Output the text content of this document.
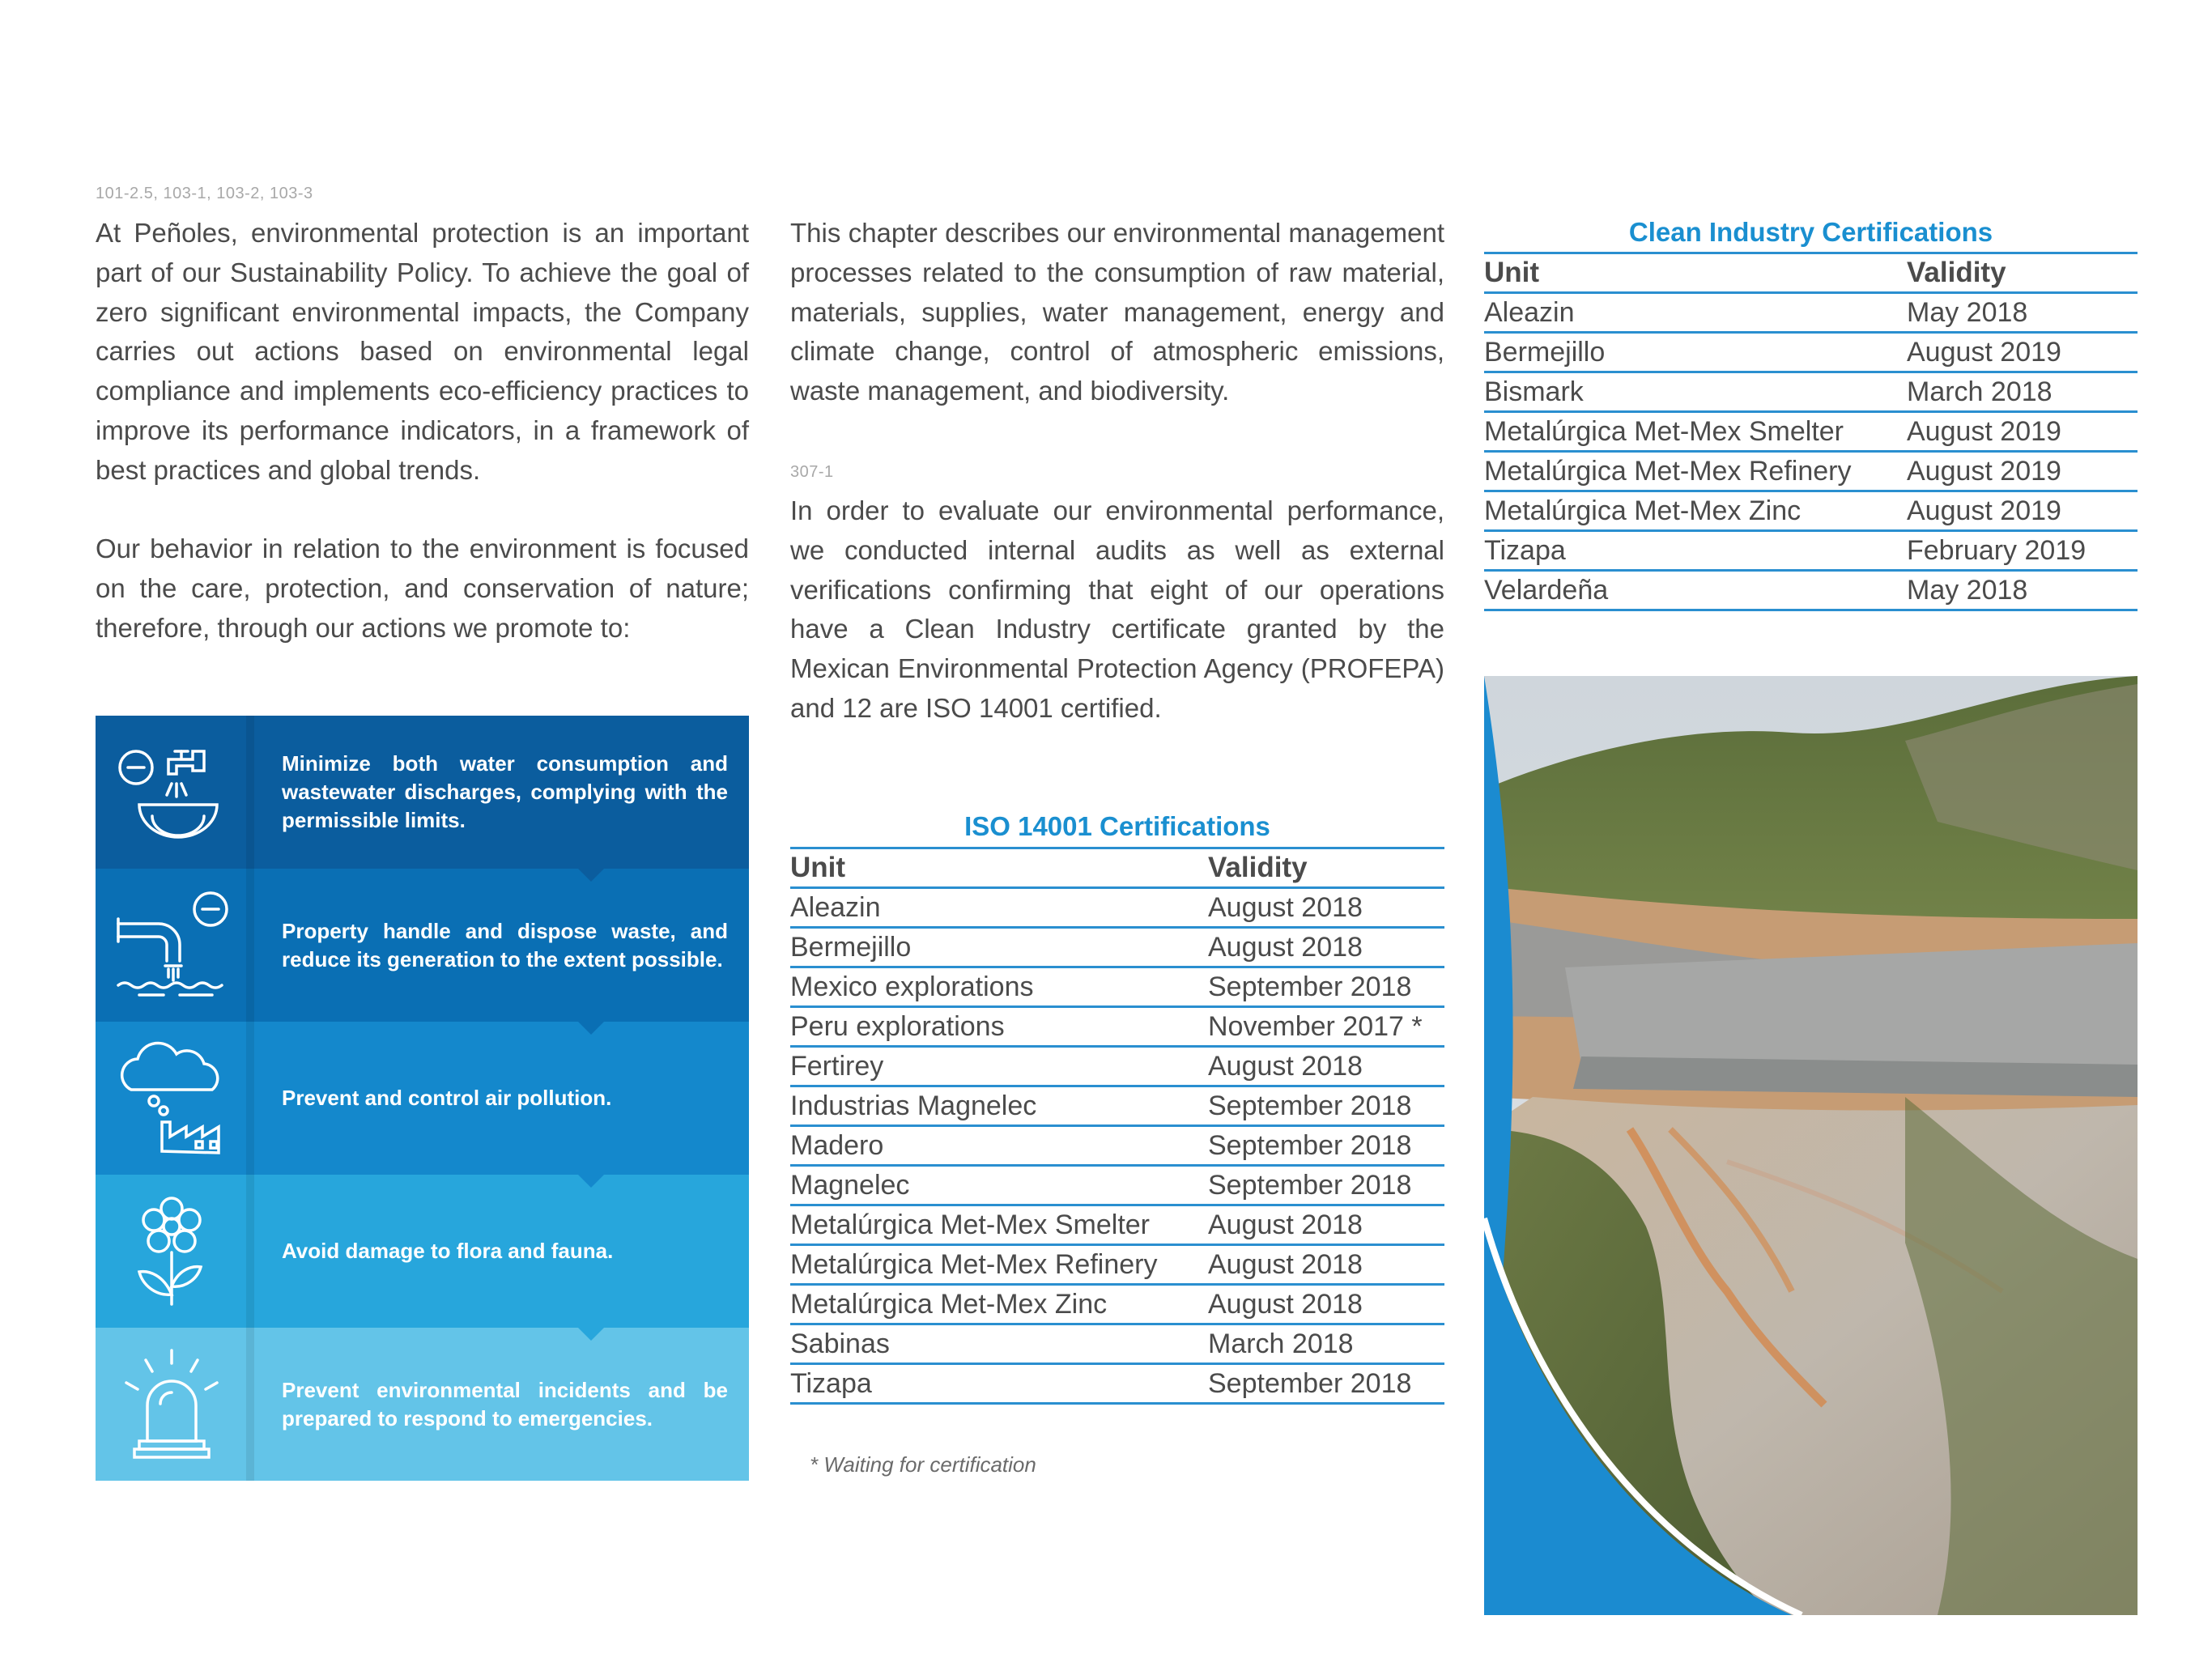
101-2.5, 103-1, 103-2, 103-3

At Peñoles, environmental protection is an important part of our Sustainability Policy. To achieve the goal of zero significant environmental impacts, the Company carries out actions based on environmental legal compliance and implements eco-efficiency practices to improve its performance indicators, in a framework of best practices and global trends.

Our behavior in relation to the environment is focused on the care, protection, and conservation of nature; therefore, through our actions we promote to:

Minimize both water consumption and wastewater discharges, complying with the permissible limits.
Property handle and dispose waste, and reduce its generation to the extent possible.
Prevent and control air pollution.
Avoid damage to flora and fauna.
Prevent environmental incidents and be prepared to respond to emergencies.

This chapter describes our environmental management processes related to the consumption of raw material, materials, supplies, water management, energy and climate change, control of atmospheric emissions, waste management, and biodiversity.

307-1

In order to evaluate our environmental performance, we conducted internal audits as well as external verifications confirming that eight of our operations have a Clean Industry certificate granted by the Mexican Environmental Protection Agency (PROFEPA) and 12 are ISO 14001 certified.

ISO 14001 Certifications
Unit	Validity
Aleazin	August 2018
Bermejillo	August 2018
Mexico explorations	September 2018
Peru explorations	November 2017 *
Fertirey	August 2018
Industrias Magnelec	September 2018
Madero	September 2018
Magnelec	September 2018
Metalúrgica Met-Mex Smelter	August 2018
Metalúrgica Met-Mex Refinery	August 2018
Metalúrgica Met-Mex Zinc	August 2018
Sabinas	March 2018
Tizapa	September 2018
* Waiting for certification
Clean Industry Certifications
Unit	Validity
Aleazin	May 2018
Bermejillo	August 2019
Bismark	March 2018
Metalúrgica Met-Mex Smelter	August 2019
Metalúrgica Met-Mex Refinery	August 2019
Metalúrgica Met-Mex Zinc	August 2019
Tizapa	February 2019
Velardeña	May 2018
